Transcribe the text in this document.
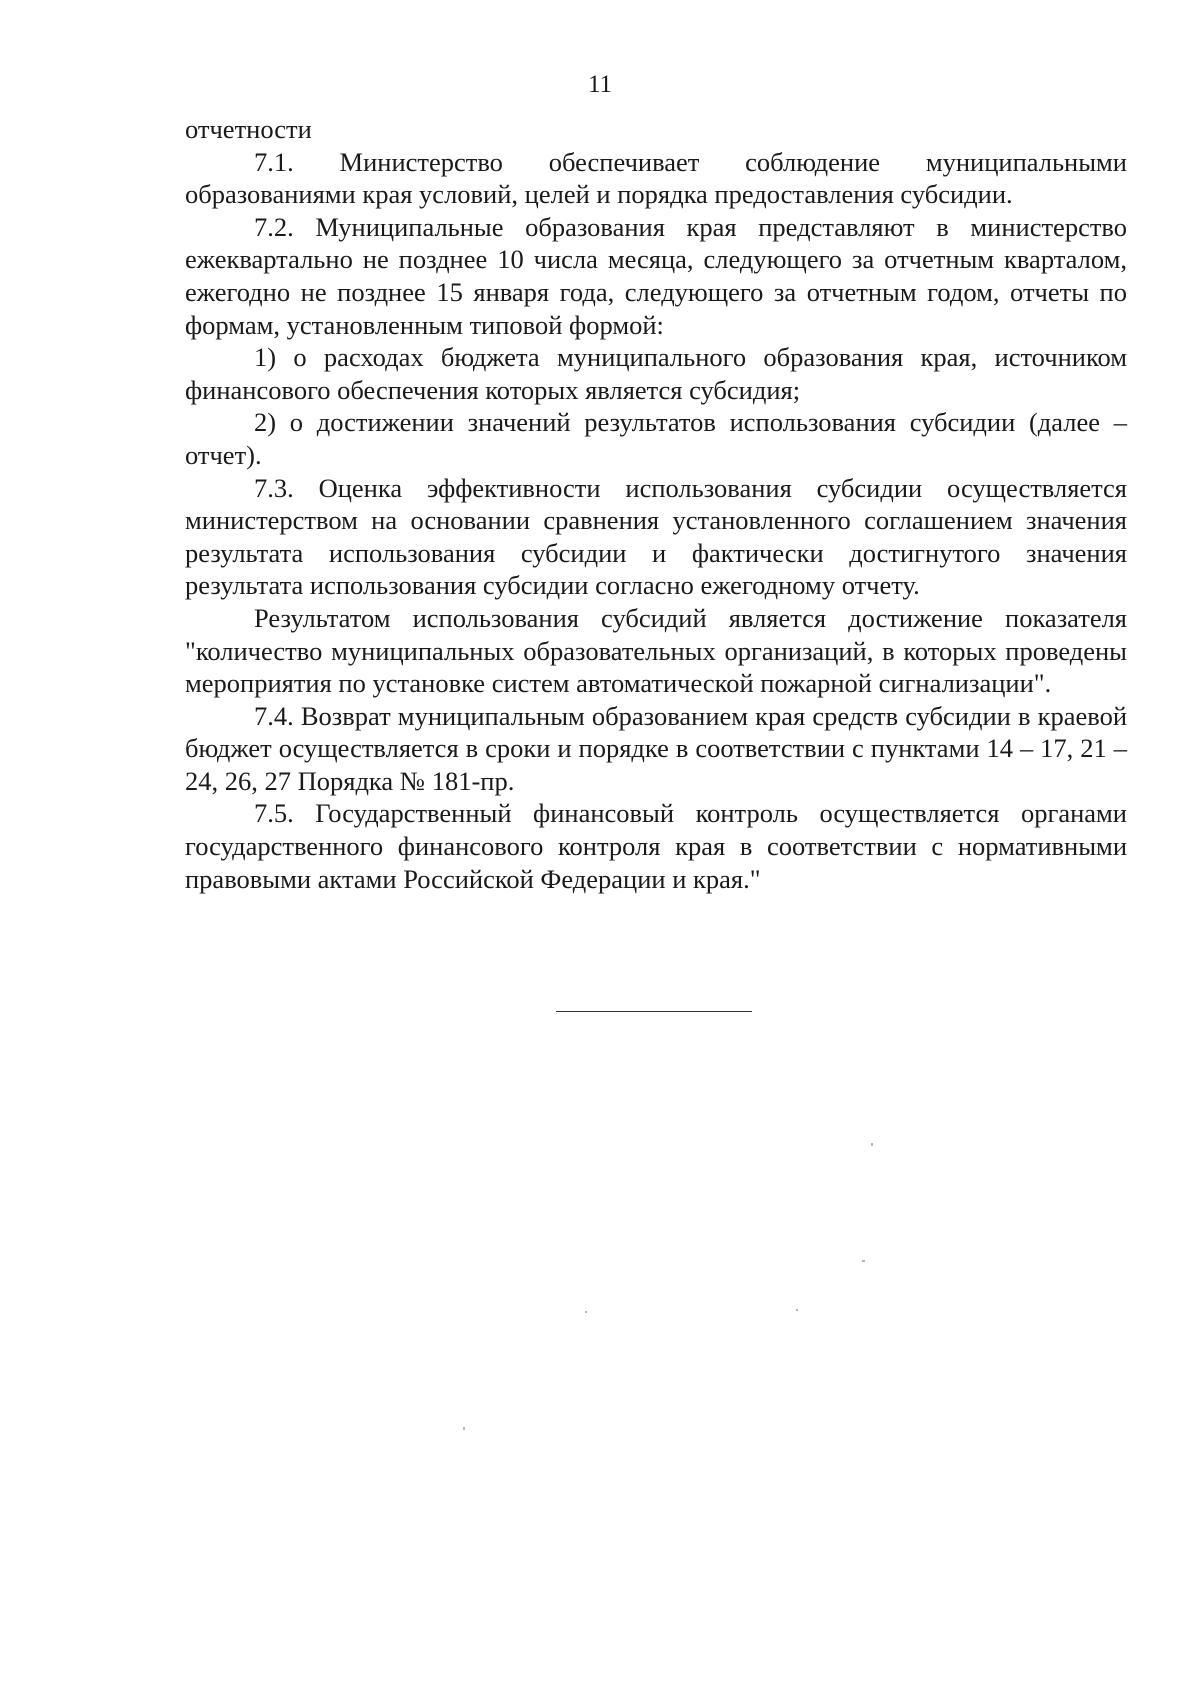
11

отчетности

7.1. Министерство обеспечивает соблюдение муниципальными образованиями края условий, целей и порядка предоставления субсидии.

7.2. Муниципальные образования края представляют в министерство ежеквартально не позднее 10 числа месяца, следующего за отчетным кварталом, ежегодно не позднее 15 января года, следующего за отчетным годом, отчеты по формам, установленным типовой формой:

1) о расходах бюджета муниципального образования края, источником финансового обеспечения которых является субсидия;

2) о достижении значений результатов использования субсидии (далее – отчет).

7.3. Оценка эффективности использования субсидии осуществляется министерством на основании сравнения установленного соглашением значения результата использования субсидии и фактически достигнутого значения результата использования субсидии согласно ежегодному отчету.

Результатом использования субсидий является достижение показателя "количество муниципальных образовательных организаций, в которых проведены мероприятия по установке систем автоматической пожарной сигнализации".

7.4. Возврат муниципальным образованием края средств субсидии в краевой бюджет осуществляется в сроки и порядке в соответствии с пунктами 14 – 17, 21 – 24, 26, 27 Порядка № 181-пр.

7.5. Государственный финансовый контроль осуществляется органами государственного финансового контроля края в соответствии с нормативными правовыми актами Российской Федерации и края."
